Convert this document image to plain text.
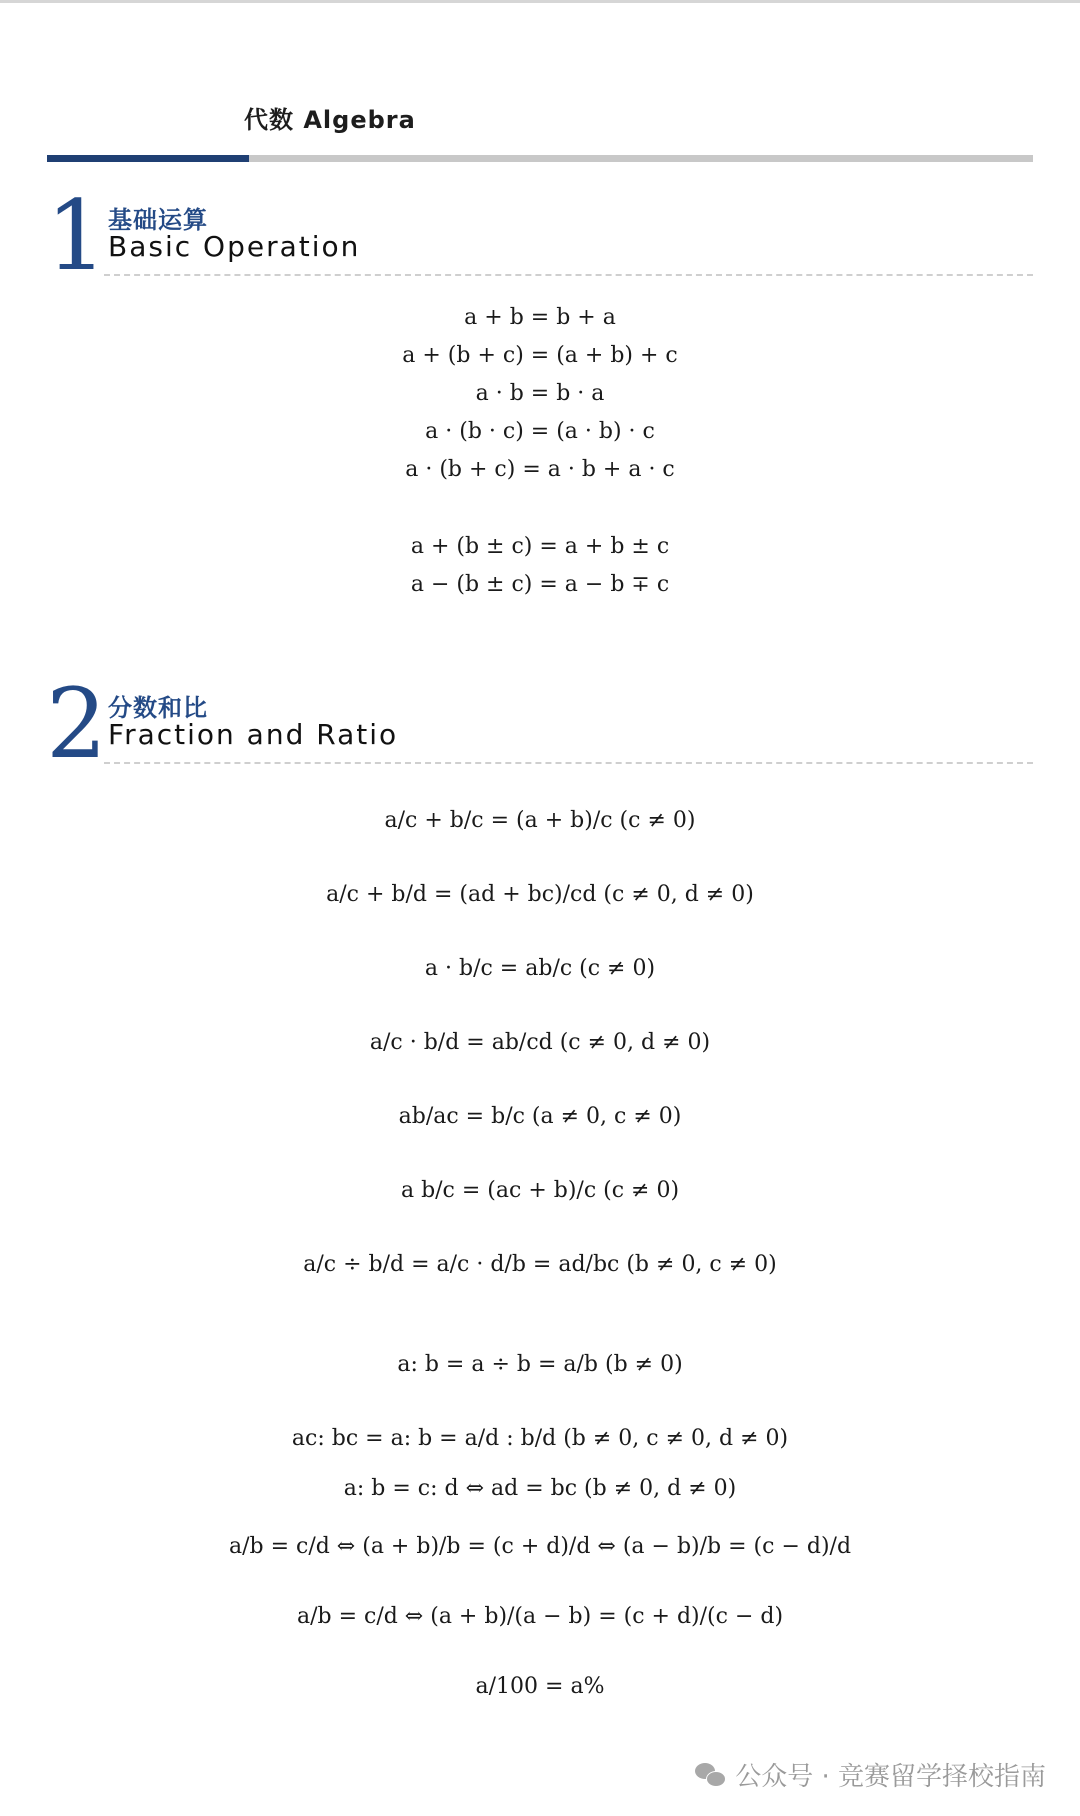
代数 Algebra
1 基础运算
Basic Operation
a + b = b + a
a + (b + c) = (a + b) + c
a · b = b · a
a · (b · c) = (a · b) · c
a · (b + c) = a · b + a · c
a + (b ± c) = a + b ± c
a − (b ± c) = a − b ∓ c
2 分数和比
Fraction and Ratio
a/c + b/c = (a + b)/c (c ≠ 0)
a/c + b/d = (ad + bc)/cd (c ≠ 0, d ≠ 0)
a · b/c = ab/c (c ≠ 0)
a/c · b/d = ab/cd (c ≠ 0, d ≠ 0)
ab/ac = b/c (a ≠ 0, c ≠ 0)
a b/c = (ac + b)/c (c ≠ 0)
a/c ÷ b/d = a/c · d/b = ad/bc (b ≠ 0, c ≠ 0)
a: b = a ÷ b = a/b (b ≠ 0)
ac: bc = a: b = a/d : b/d (b ≠ 0, c ≠ 0, d ≠ 0)
a: b = c: d ⇔ ad = bc (b ≠ 0, d ≠ 0)
a/b = c/d ⇔ (a + b)/b = (c + d)/d ⇔ (a − b)/b = (c − d)/d
a/b = c/d ⇔ (a + b)/(a − b) = (c + d)/(c − d)
a/100 = a%
公众号 · 竞赛留学择校指南
